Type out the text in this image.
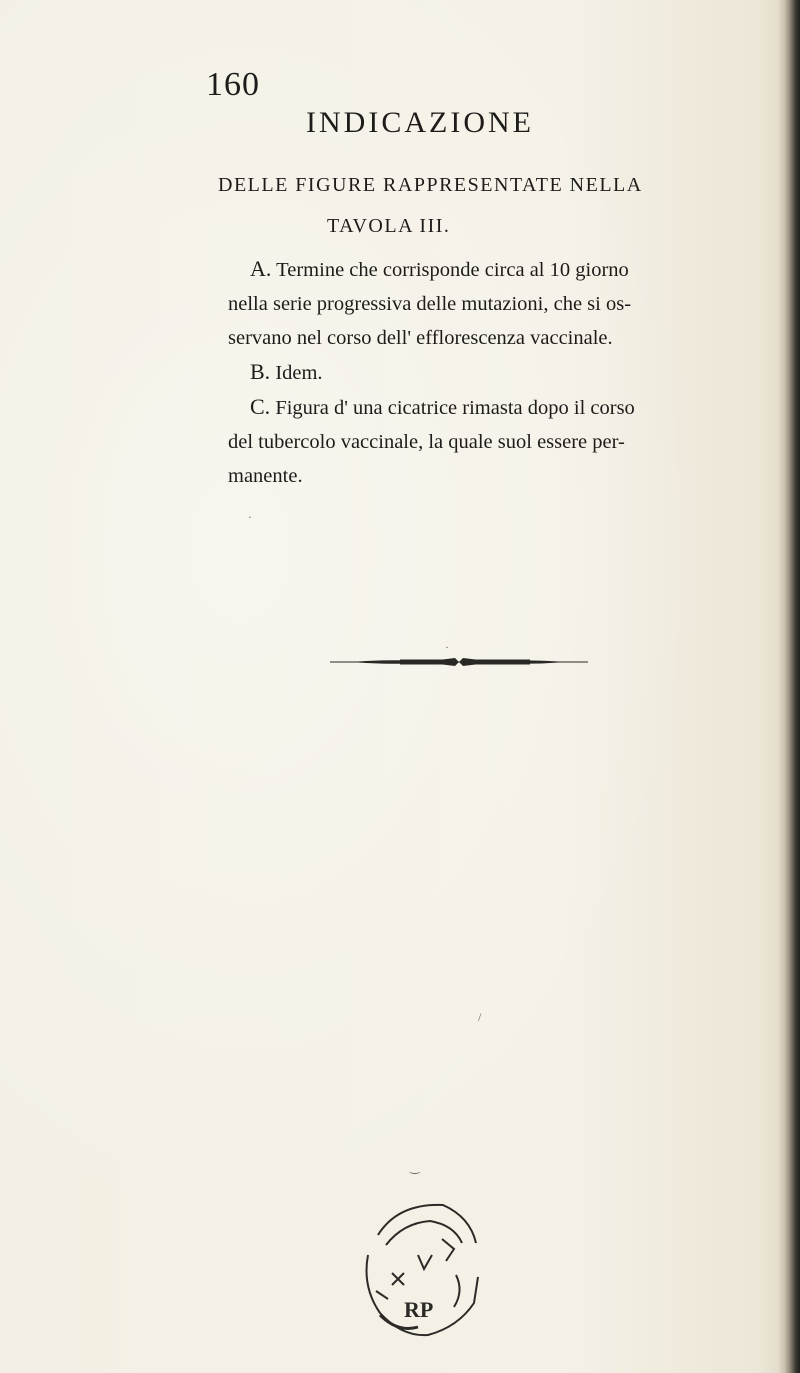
160
INDICAZIONE
DELLE FIGURE RAPPRESENTATE NELLA
TAVOLA III.

A. Termine che corrisponde circa al 10 giorno
nella serie progressiva delle mutazioni, che si os-
servano nel corso dell' efflorescenza vaccinale.

B. Idem.

C. Figura d' una cicatrice rimasta dopo il corso
del tubercolo vaccinale, la quale suol essere per-
manente.

RP
·
·
/
‿
